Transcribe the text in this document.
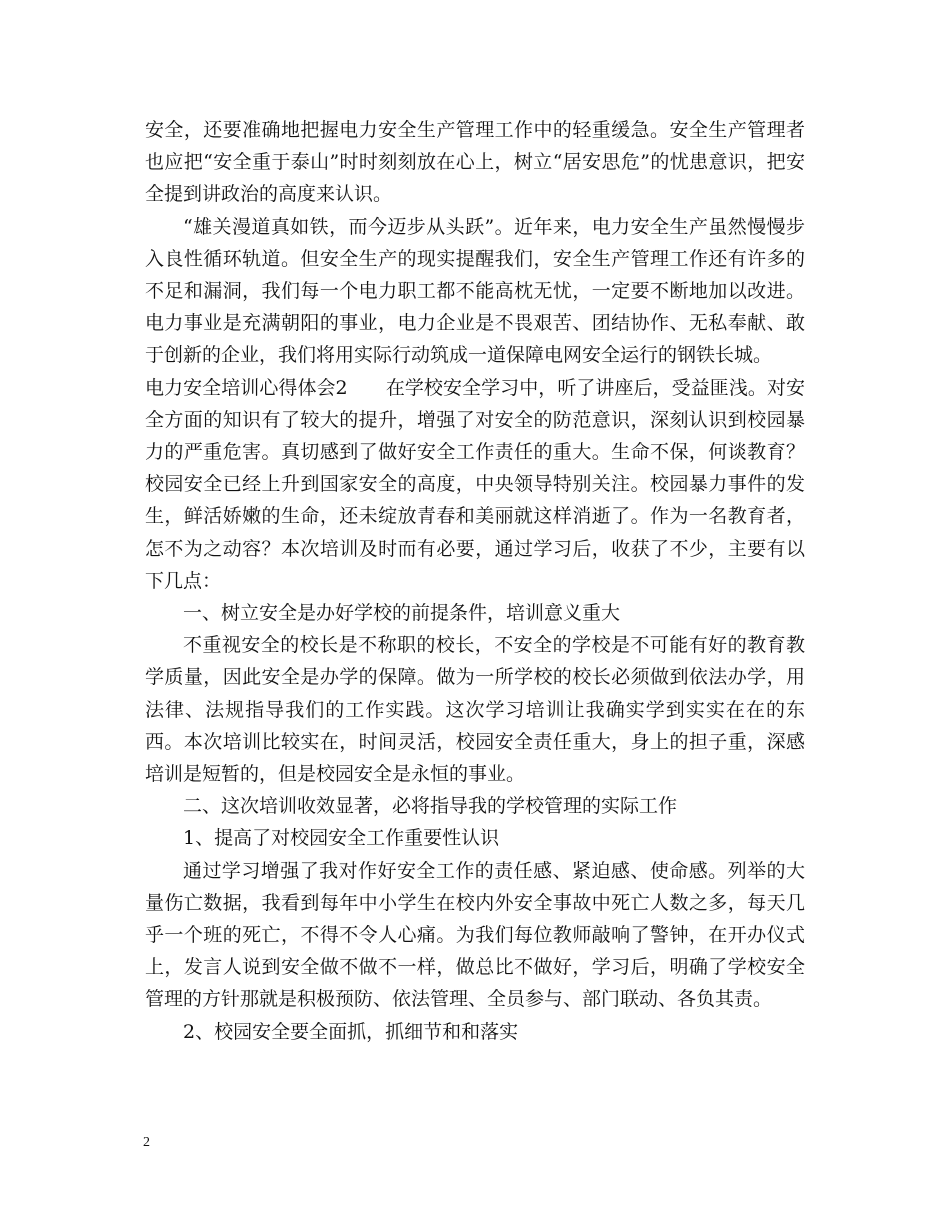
安全，还要准确地把握电力安全生产管理工作中的轻重缓急。安全生产管理者也应把“安全重于泰山”时时刻刻放在心上，树立“居安思危”的忧患意识，把安全提到讲政治的高度来认识。

“雄关漫道真如铁，而今迈步从头跃”。近年来，电力安全生产虽然慢慢步入良性循环轨道。但安全生产的现实提醒我们，安全生产管理工作还有许多的不足和漏洞，我们每一个电力职工都不能高枕无忧，一定要不断地加以改进。电力事业是充满朝阳的事业，电力企业是不畏艰苦、团结协作、无私奉献、敢于创新的企业，我们将用实际行动筑成一道保障电网安全运行的钢铁长城。

电力安全培训心得体会2　　在学校安全学习中，听了讲座后，受益匪浅。对安全方面的知识有了较大的提升，增强了对安全的防范意识，深刻认识到校园暴力的严重危害。真切感到了做好安全工作责任的重大。生命不保，何谈教育？校园安全已经上升到国家安全的高度，中央领导特别关注。校园暴力事件的发生，鲜活娇嫩的生命，还未绽放青春和美丽就这样消逝了。作为一名教育者，怎不为之动容？本次培训及时而有必要，通过学习后，收获了不少，主要有以下几点：

一、树立安全是办好学校的前提条件，培训意义重大

不重视安全的校长是不称职的校长，不安全的学校是不可能有好的教育教学质量，因此安全是办学的保障。做为一所学校的校长必须做到依法办学，用法律、法规指导我们的工作实践。这次学习培训让我确实学到实实在在的东西。本次培训比较实在，时间灵活，校园安全责任重大，身上的担子重，深感培训是短暂的，但是校园安全是永恒的事业。

二、这次培训收效显著，必将指导我的学校管理的实际工作

1、提高了对校园安全工作重要性认识

通过学习增强了我对作好安全工作的责任感、紧迫感、使命感。列举的大量伤亡数据，我看到每年中小学生在校内外安全事故中死亡人数之多，每天几乎一个班的死亡，不得不令人心痛。为我们每位教师敲响了警钟，在开办仪式上，发言人说到安全做不做不一样，做总比不做好，学习后，明确了学校安全管理的方针那就是积极预防、依法管理、全员参与、部门联动、各负其责。

2、校园安全要全面抓，抓细节和和落实

2
